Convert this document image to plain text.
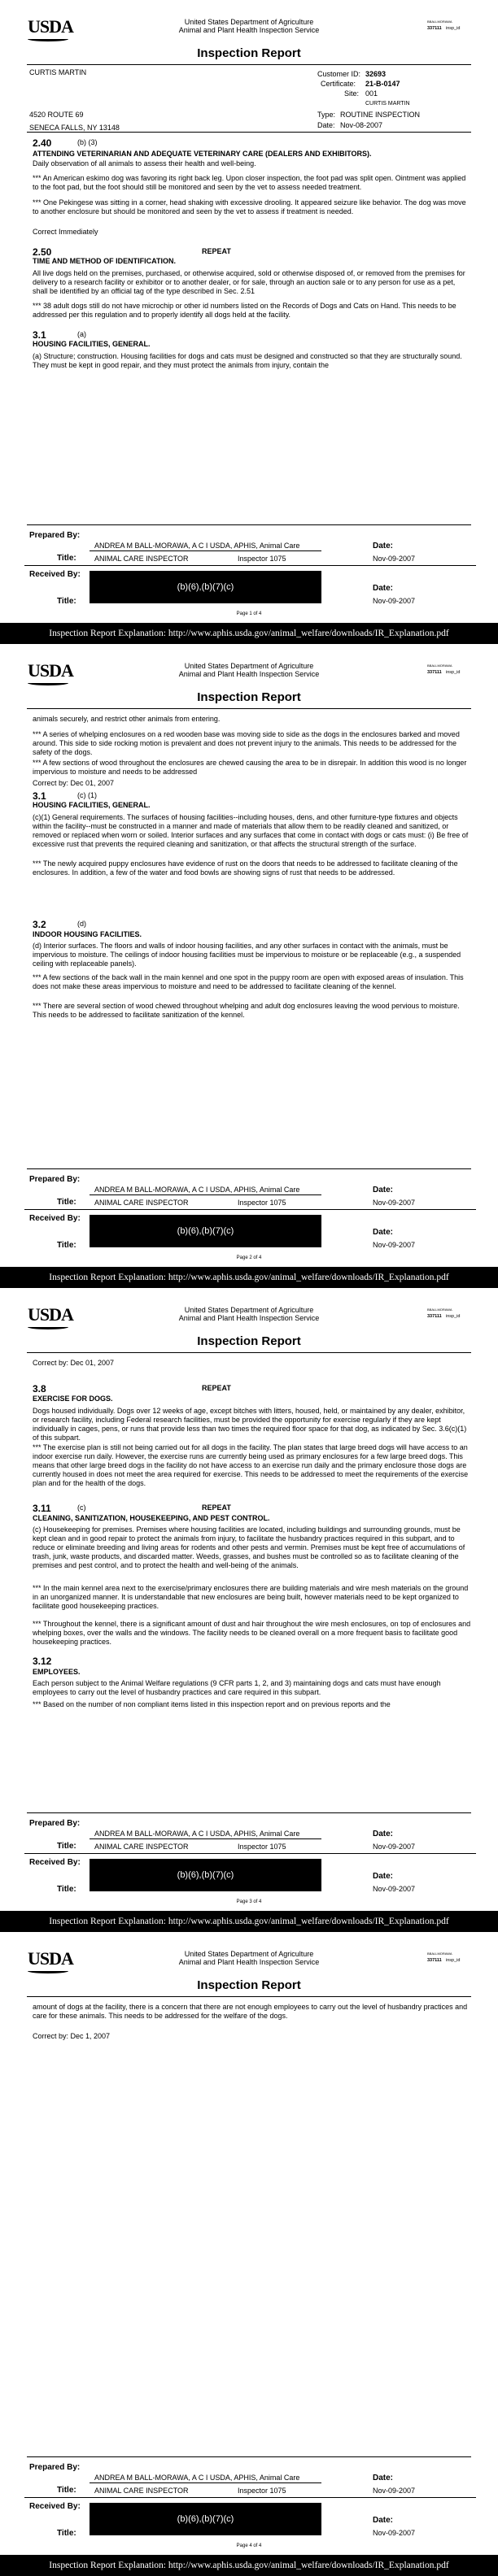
USDA	United States Department of Agriculture
Animal and Plant Health Inspection Service
BBALLMORAWA
337111 insp_id
Inspection Report
CURTIS MARTIN	Customer ID: 32693
Certificate: 21-B-0147
Site: 001
CURTIS MARTIN
4520 ROUTE 69	Type: ROUTINE INSPECTION
SENECA FALLS, NY 13148	Date: Nov-08-2007
2.40	(b) (3)
ATTENDING VETERINARIAN AND ADEQUATE VETERINARY CARE (DEALERS AND EXHIBITORS).
Daily observation of all animals to assess their health and well-being.
*** An American eskimo dog was favoring its right back leg. Upon closer inspection, the foot pad was split open. Ointment was applied to the foot pad, but the foot should still be monitored and seen by the vet to assess needed treatment.
*** One Pekingese was sitting in a corner, head shaking with excessive drooling. It appeared seizure like behavior. The dog was move to another enclosure but should be monitored and seen by the vet to assess if treatment is needed.
Correct Immediately
2.50	REPEAT
TIME AND METHOD OF IDENTIFICATION.
All live dogs held on the premises, purchased, or otherwise acquired, sold or otherwise disposed of, or removed from the premises for delivery to a research facility or exhibitor or to another dealer, or for sale, through an auction sale or to any person for use as a pet, shall be identified by an official tag of the type described in Sec. 2.51
*** 38 adult dogs still do not have microchip or other id numbers listed on the Records of Dogs and Cats on Hand. This needs to be addressed per this regulation and to properly identify all dogs held at the facility.
3.1	(a)
HOUSING FACILITIES, GENERAL.
(a) Structure; construction. Housing facilities for dogs and cats must be designed and constructed so that they are structurally sound. They must be kept in good repair, and they must protect the animals from injury, contain the
Prepared By:
ANDREA M BALL-MORAWA, A C I USDA, APHIS, Animal Care
Title: ANIMAL CARE INSPECTOR	Inspector 1075
Date:
Nov-09-2007
Received By:
(b)(6),(b)(7)(c)
Title:
Date:
Nov-09-2007
Page 1 of 4
Inspection Report Explanation: http://www.aphis.usda.gov/animal_welfare/downloads/IR_Explanation.pdf
USDA	United States Department of Agriculture
Animal and Plant Health Inspection Service
BBALLMORAWA
337111 insp_id
Inspection Report
animals securely, and restrict other animals from entering.
*** A series of whelping enclosures on a red wooden base was moving side to side as the dogs in the enclosures barked and moved around. This side to side rocking motion is prevalent and does not prevent injury to the animals. This needs to be addressed for the safety of the dogs.
*** A few sections of wood throughout the enclosures are chewed causing the area to be in disrepair. In addition this wood is no longer impervious to moisture and needs to be addressed
Correct by: Dec 01, 2007
3.1	(c) (1)
HOUSING FACILITIES, GENERAL.
(c)(1) General requirements. The surfaces of housing facilities--including houses, dens, and other furniture-type fixtures and objects within the facility--must be constructed in a manner and made of materials that allow them to be readily cleaned and sanitized, or removed or replaced when worn or soiled. Interior surfaces and any surfaces that come in contact with dogs or cats must: (i) Be free of excessive rust that prevents the required cleaning and sanitization, or that affects the structural strength of the surface.
*** The newly acquired puppy enclosures have evidence of rust on the doors that needs to be addressed to facilitate cleaning of the enclosures. In addition, a few of the water and food bowls are showing signs of rust that needs to be addressed.
3.2	(d)
INDOOR HOUSING FACILITIES.
(d) Interior surfaces. The floors and walls of indoor housing facilities, and any other surfaces in contact with the animals, must be impervious to moisture. The ceilings of indoor housing facilities must be impervious to moisture or be replaceable (e.g., a suspended ceiling with replaceable panels).
*** A few sections of the back wall in the main kennel and one spot in the puppy room are open with exposed areas of insulation. This does not make these areas impervious to moisture and need to be addressed to facilitate cleaning of the kennel.
*** There are several section of wood chewed throughout whelping and adult dog enclosures leaving the wood pervious to moisture. This needs to be addressed to facilitate sanitization of the kennel.
Prepared By:
ANDREA M BALL-MORAWA, A C I USDA, APHIS, Animal Care
Title: ANIMAL CARE INSPECTOR	Inspector 1075
Date:
Nov-09-2007
Received By:
(b)(6),(b)(7)(c)
Title:
Date:
Nov-09-2007
Page 2 of 4
Inspection Report Explanation: http://www.aphis.usda.gov/animal_welfare/downloads/IR_Explanation.pdf
USDA	United States Department of Agriculture
Animal and Plant Health Inspection Service
BBALLMORAWA
337111 insp_id
Inspection Report
Correct by: Dec 01, 2007
3.8	REPEAT
EXERCISE FOR DOGS.
Dogs housed individually. Dogs over 12 weeks of age, except bitches with litters, housed, held, or maintained by any dealer, exhibitor, or research facility, including Federal research facilities, must be provided the opportunity for exercise regularly if they are kept individually in cages, pens, or runs that provide less than two times the required floor space for that dog, as indicated by Sec. 3.6(c)(1) of this subpart.
*** The exercise plan is still not being carried out for all dogs in the facility. The plan states that large breed dogs will have access to an indoor exercise run daily. However, the exercise runs are currently being used as primary enclosures for a few large breed dogs. This means that other large breed dogs in the facility do not have access to an exercise run daily and the primary enclosure those dogs are currently housed in does not meet the area required for exercise. This needs to be addressed to meet the requirements of the exercise plan and for the health of the dogs.
3.11	(c)	REPEAT
CLEANING, SANITIZATION, HOUSEKEEPING, AND PEST CONTROL.
(c) Housekeeping for premises. Premises where housing facilities are located, including buildings and surrounding grounds, must be kept clean and in good repair to protect the animals from injury, to facilitate the husbandry practices required in this subpart, and to reduce or eliminate breeding and living areas for rodents and other pests and vermin. Premises must be kept free of accumulations of trash, junk, waste products, and discarded matter. Weeds, grasses, and bushes must be controlled so as to facilitate cleaning of the premises and pest control, and to protect the health and well-being of the animals.
*** In the main kennel area next to the exercise/primary enclosures there are building materials and wire mesh materials on the ground in an unorganized manner. It is understandable that new enclosures are being built, however materials need to be kept organized to facilitate good housekeeping practices.
*** Throughout the kennel, there is a significant amount of dust and hair throughout the wire mesh enclosures, on top of enclosures and whelping boxes, over the walls and the windows. The facility needs to be cleaned overall on a more frequent basis to facilitate good housekeeping practices.
3.12
EMPLOYEES.
Each person subject to the Animal Welfare regulations (9 CFR parts 1, 2, and 3) maintaining dogs and cats must have enough employees to carry out the level of husbandry practices and care required in this subpart.
*** Based on the number of non compliant items listed in this inspection report and on previous reports and the
Prepared By:
ANDREA M BALL-MORAWA, A C I USDA, APHIS, Animal Care
Title: ANIMAL CARE INSPECTOR	Inspector 1075
Date:
Nov-09-2007
Received By:
(b)(6),(b)(7)(c)
Title:
Date:
Nov-09-2007
Page 3 of 4
Inspection Report Explanation: http://www.aphis.usda.gov/animal_welfare/downloads/IR_Explanation.pdf
USDA	United States Department of Agriculture
Animal and Plant Health Inspection Service
BBALLMORAWA
337111 insp_id
Inspection Report
amount of dogs at the facility, there is a concern that there are not enough employees to carry out the level of husbandry practices and care for these animals. This needs to be addressed for the welfare of the dogs.
Correct by: Dec 1, 2007
Prepared By:
ANDREA M BALL-MORAWA, A C I USDA, APHIS, Animal Care
Title: ANIMAL CARE INSPECTOR	Inspector 1075
Date:
Nov-09-2007
Received By:
(b)(6),(b)(7)(c)
Title:
Date:
Nov-09-2007
Page 4 of 4
Inspection Report Explanation: http://www.aphis.usda.gov/animal_welfare/downloads/IR_Explanation.pdf
